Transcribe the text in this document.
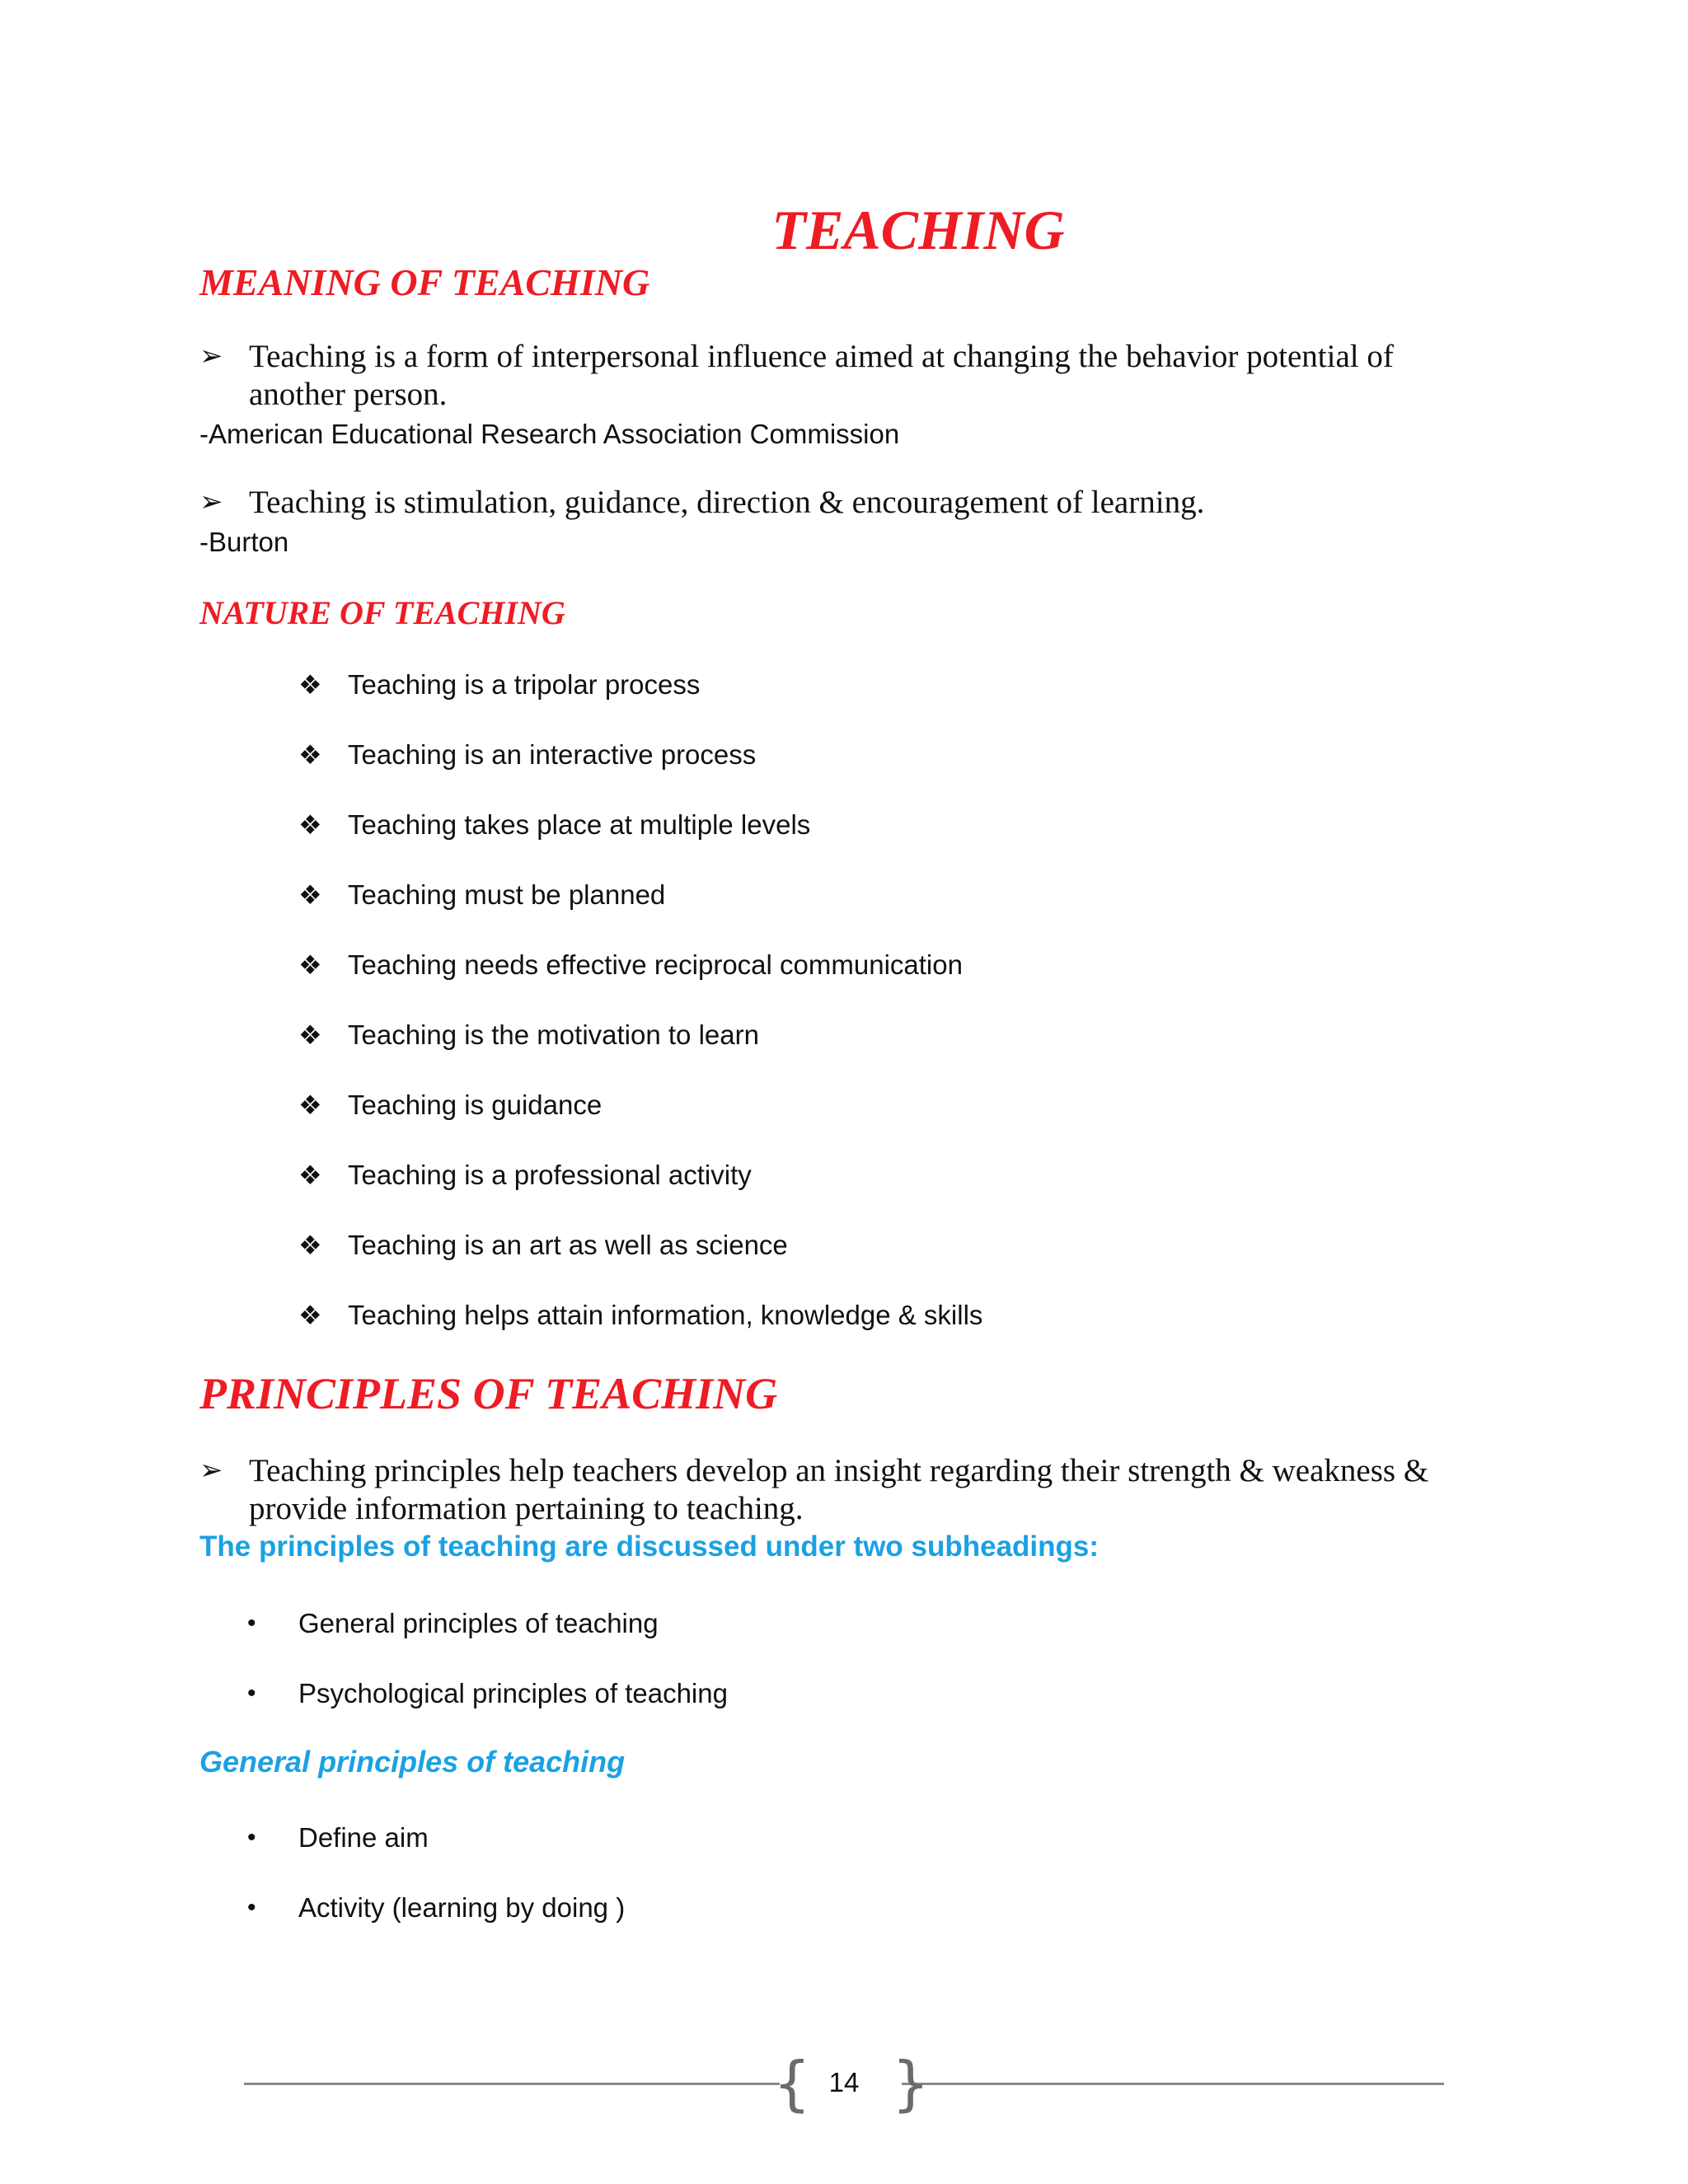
TEACHING
MEANING OF TEACHING
➢ Teaching is a form of interpersonal influence aimed at changing the behavior potential of another person.
-American Educational Research Association Commission
➢ Teaching is stimulation, guidance, direction & encouragement of learning.
-Burton
NATURE OF TEACHING
❖ Teaching is a tripolar process
❖ Teaching is an interactive process
❖ Teaching takes place at multiple levels
❖ Teaching must be planned
❖ Teaching needs effective reciprocal communication
❖ Teaching is the motivation to learn
❖ Teaching is guidance
❖ Teaching is a professional activity
❖ Teaching is an art as well as science
❖ Teaching helps attain information, knowledge & skills
PRINCIPLES OF TEACHING
➢ Teaching principles help teachers develop an insight regarding their strength & weakness & provide information pertaining to teaching.
The principles of teaching are discussed under two subheadings:
• General principles of teaching
• Psychological principles of teaching
General principles of teaching
• Define aim
• Activity (learning by doing )
{ }
14
